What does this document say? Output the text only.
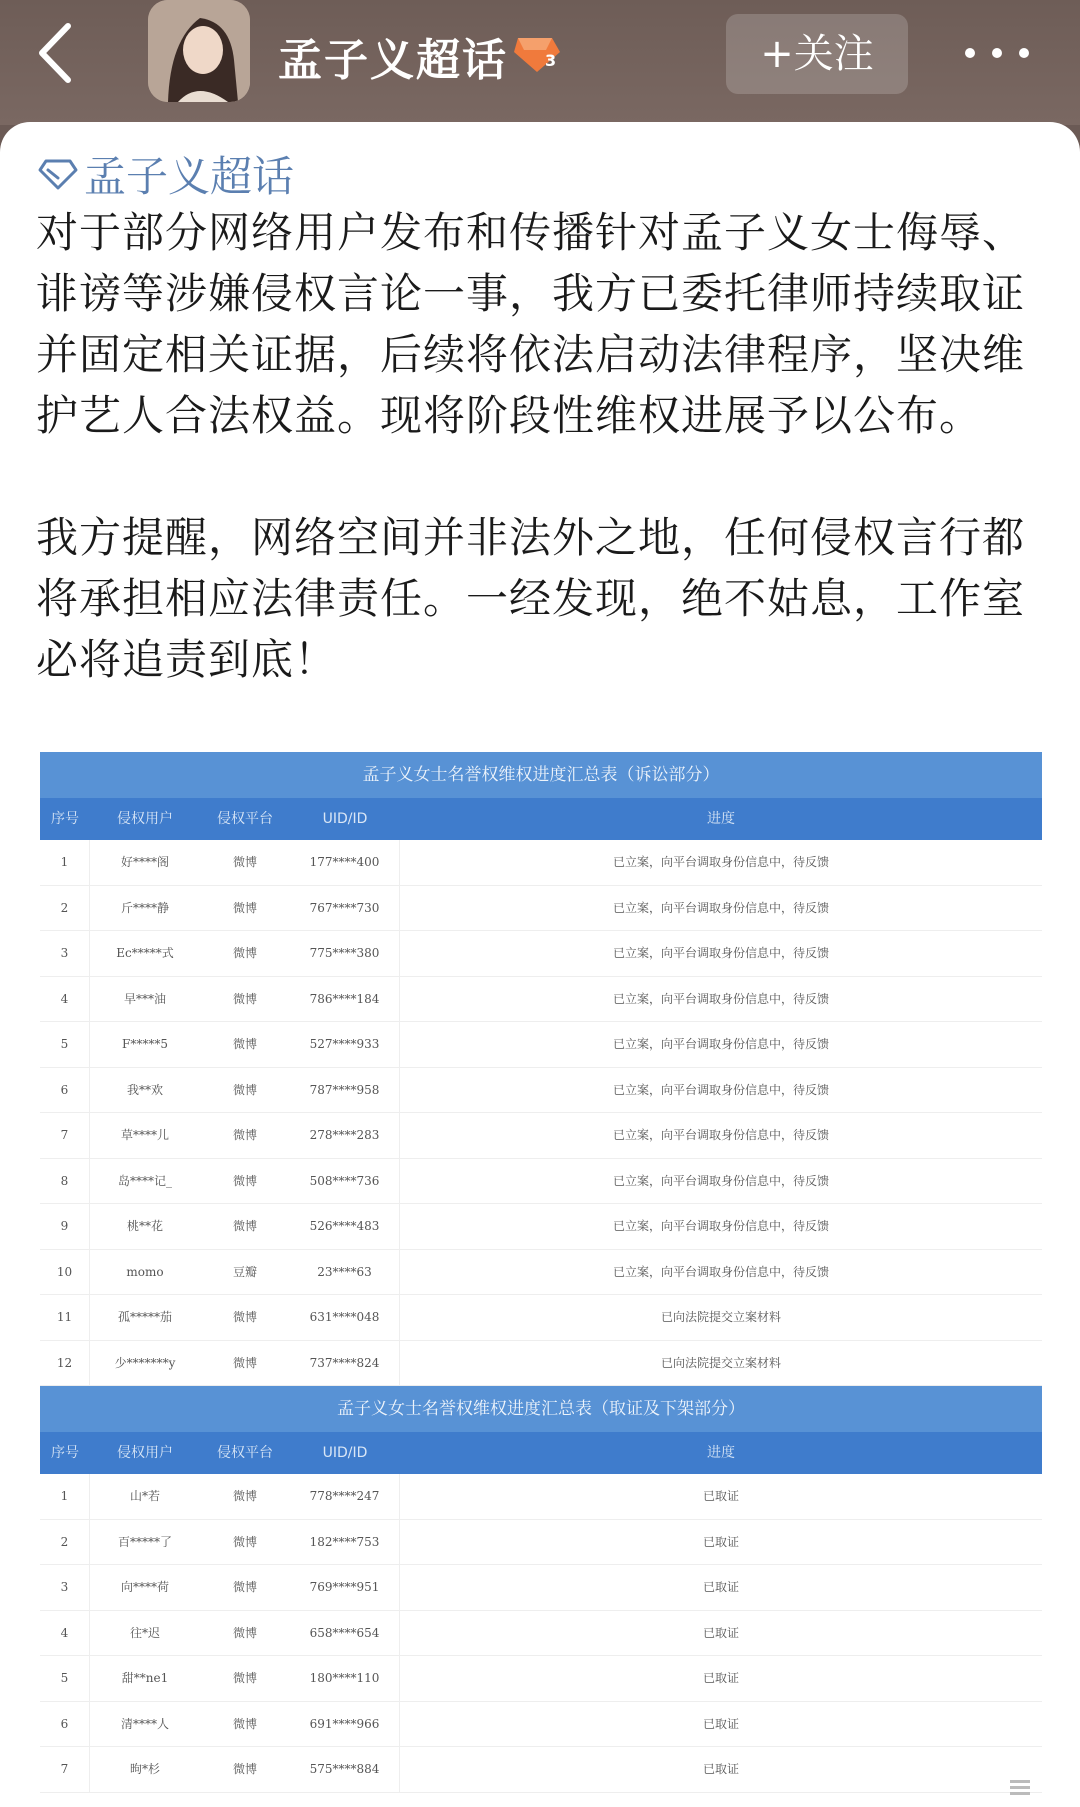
孟子义超话 3	+关注
孟子义超话

对于部分网络用户发布和传播针对孟子义女士侮辱、诽谤等涉嫌侵权言论一事，我方已委托律师持续取证并固定相关证据，后续将依法启动法律程序，坚决维护艺人合法权益。现将阶段性维权进展予以公布。

我方提醒，网络空间并非法外之地，任何侵权言行都将承担相应法律责任。一经发现，绝不姑息，工作室必将追责到底！

孟子义女士名誉权维权进度汇总表（诉讼部分）
序号	侵权用户	侵权平台	UID/ID	进度
1	好****阁	微博	177****400	已立案，向平台调取身份信息中，待反馈
2	斤****静	微博	767****730	已立案，向平台调取身份信息中，待反馈
3	Ec*****式	微博	775****380	已立案，向平台调取身份信息中，待反馈
4	早***油	微博	786****184	已立案，向平台调取身份信息中，待反馈
5	F*****5	微博	527****933	已立案，向平台调取身份信息中，待反馈
6	我**欢	微博	787****958	已立案，向平台调取身份信息中，待反馈
7	草****儿	微博	278****283	已立案，向平台调取身份信息中，待反馈
8	岛****记_	微博	508****736	已立案，向平台调取身份信息中，待反馈
9	桃**花	微博	526****483	已立案，向平台调取身份信息中，待反馈
10	momo	豆瓣	23****63	已立案，向平台调取身份信息中，待反馈
11	孤*****茄	微博	631****048	已向法院提交立案材料
12	少*******y	微博	737****824	已向法院提交立案材料
孟子义女士名誉权维权进度汇总表（取证及下架部分）
序号	侵权用户	侵权平台	UID/ID	进度
1	山*若	微博	778****247	已取证
2	百*****了	微博	182****753	已取证
3	向****荷	微博	769****951	已取证
4	往*迟	微博	658****654	已取证
5	甜**ne1	微博	180****110	已取证
6	清****人	微博	691****966	已取证
7	昫*杉	微博	575****884	已取证
